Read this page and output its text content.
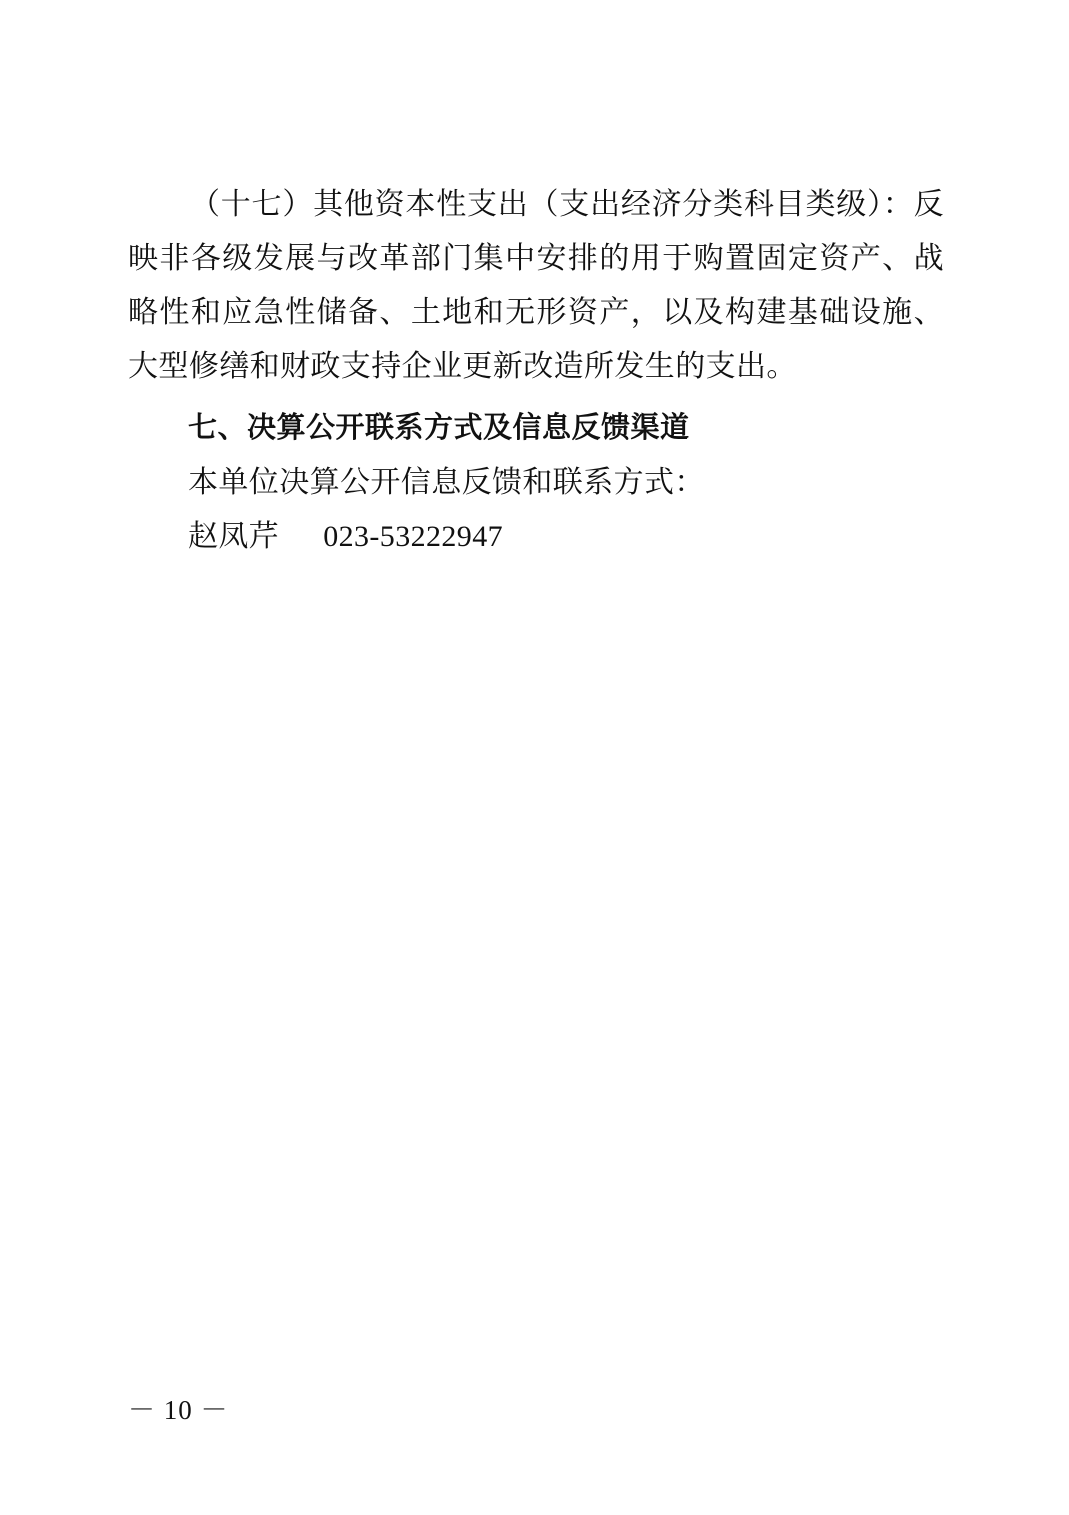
（十七）其他资本性支出（支出经济分类科目类级）：反映非各级发展与改革部门集中安排的用于购置固定资产、战略性和应急性储备、土地和无形资产，以及构建基础设施、大型修缮和财政支持企业更新改造所发生的支出。

七、决算公开联系方式及信息反馈渠道

本单位决算公开信息反馈和联系方式：

赵凤芹 023-53222947

－ 10 －
